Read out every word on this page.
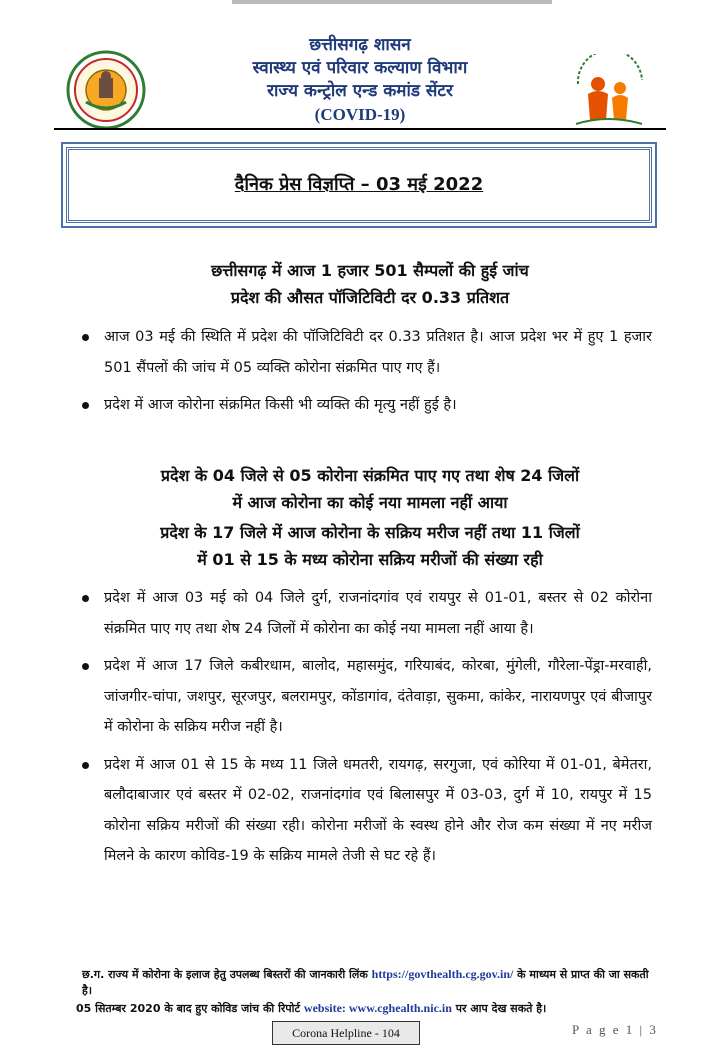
छत्तीसगढ़ शासन
स्वास्थ्य एवं परिवार कल्याण विभाग
राज्य कन्ट्रोल एन्ड कमांड सेंटर
(COVID-19)
दैनिक प्रेस विज्ञप्ति – 03 मई 2022
छत्तीसगढ़ में आज 1 हजार 501 सैम्पलों की हुई जांच
प्रदेश की औसत पॉजिटिविटी दर 0.33 प्रतिशत
आज 03 मई की स्थिति में प्रदेश की पॉजिटिविटी दर 0.33 प्रतिशत है। आज प्रदेश भर में हुए 1 हजार 501 सैंपलों की जांच में 05 व्यक्ति कोरोना संक्रमित पाए गए हैं।
प्रदेश में आज कोरोना संक्रमित किसी भी व्यक्ति की मृत्यु नहीं हुई है।
प्रदेश के 04 जिले से 05 कोरोना संक्रमित पाए गए तथा शेष 24 जिलों
में आज कोरोना का कोई नया मामला नहीं आया
प्रदेश के 17 जिले में आज कोरोना के सक्रिय मरीज नहीं तथा 11 जिलों
में 01 से 15 के मध्य कोरोना सक्रिय मरीजों की संख्या रही
प्रदेश में आज 03 मई को 04 जिले दुर्ग, राजनांदगांव एवं रायपुर से 01-01, बस्तर से 02 कोरोना संक्रमित पाए गए तथा शेष 24 जिलों में कोरोना का कोई नया मामला नहीं आया है।
प्रदेश में आज 17 जिले कबीरधाम, बालोद, महासमुंद, गरियाबंद, कोरबा, मुंगेली, गौरेला-पेंड्रा-मरवाही, जांजगीर-चांपा, जशपुर, सूरजपुर, बलरामपुर, कोंडागांव, दंतेवाड़ा, सुकमा, कांकेर, नारायणपुर एवं बीजापुर में कोरोना के सक्रिय मरीज नहीं है।
प्रदेश में आज 01 से 15 के मध्य 11 जिले धमतरी, रायगढ़, सरगुजा, एवं कोरिया में 01-01, बेमेतरा, बलौदाबाजार एवं बस्तर में 02-02, राजनांदगांव एवं बिलासपुर में 03-03, दुर्ग में 10, रायपुर में 15 कोरोना सक्रिय मरीजों की संख्या रही। कोरोना मरीजों के स्वस्थ होने और रोज कम संख्या में नए मरीज मिलने के कारण कोविड-19 के सक्रिय मामले तेजी से घट रहे हैं।
छ.ग. राज्य में कोरोना के इलाज हेतु उपलब्ध बिस्तरों की जानकारी लिंक https://govthealth.cg.gov.in/ के माध्यम से प्राप्त की जा सकती है।
05 सितम्बर 2020 के बाद हुए कोविड जांच की रिपोर्ट website: www.cghealth.nic.in पर आप देख सकते है।
Corona Helpline - 104	P a g e 1 | 3
